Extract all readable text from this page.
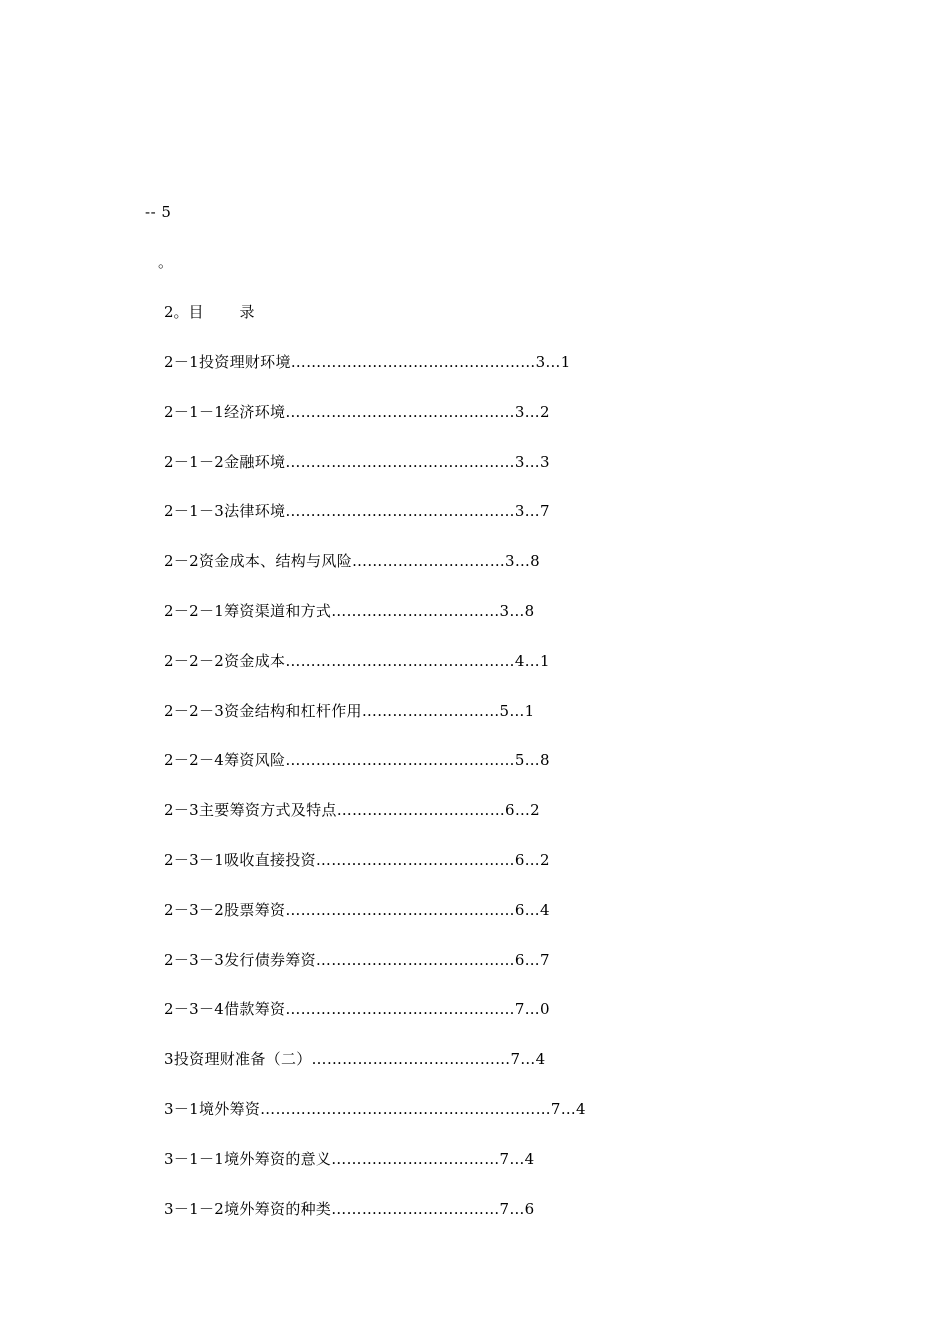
-- 5
。
2。目 录
2－1投资理财环境…………………………………………3…1
2－1－1经济环境………………………………………3…2
2－1－2金融环境………………………………………3…3
2－1－3法律环境………………………………………3…7
2－2资金成本、结构与风险…………………………3…8
2－2－1筹资渠道和方式……………………………3…8
2－2－2资金成本………………………………………4…1
2－2－3资金结构和杠杆作用………………………5…1
2－2－4筹资风险………………………………………5…8
2－3主要筹资方式及特点……………………………6…2
2－3－1吸收直接投资…………………………………6…2
2－3－2股票筹资………………………………………6…4
2－3－3发行债券筹资…………………………………6…7
2－3－4借款筹资………………………………………7…0
3投资理财准备（二）…………………………………7…4
3－1境外筹资…………………………………………………7…4
3－1－1境外筹资的意义……………………………7…4
3－1－2境外筹资的种类……………………………7…6
